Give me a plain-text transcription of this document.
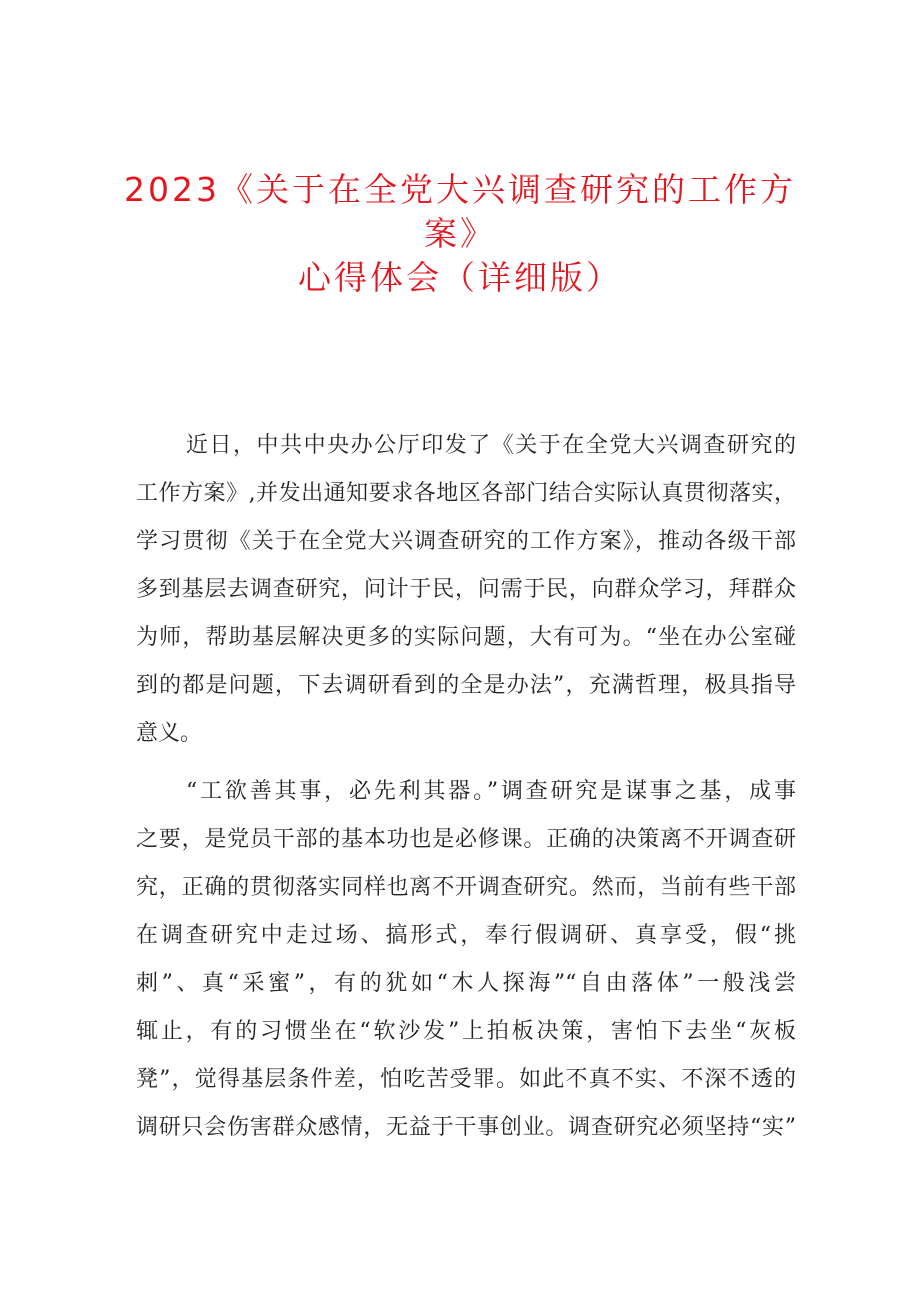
2023《关于在全党大兴调查研究的工作方
案》
心得体会（详细版）
近日，中共中央办公厅印发了《关于在全党大兴调查研究的
工作方案》,并发出通知要求各地区各部门结合实际认真贯彻落实，
学习贯彻《关于在全党大兴调查研究的工作方案》，推动各级干部
多到基层去调查研究，问计于民，问需于民，向群众学习，拜群众
为师，帮助基层解决更多的实际问题，大有可为。“坐在办公室碰
到的都是问题，下去调研看到的全是办法”，充满哲理，极具指导
意义。
“工欲善其事，必先利其器。”调查研究是谋事之基，成事
之要，是党员干部的基本功也是必修课。正确的决策离不开调查研
究，正确的贯彻落实同样也离不开调查研究。然而，当前有些干部
在调查研究中走过场、搞形式，奉行假调研、真享受，假“挑
刺”、真“采蜜”，有的犹如“木人探海”“自由落体”一般浅尝
辄止，有的习惯坐在“软沙发”上拍板决策，害怕下去坐“灰板
凳”，觉得基层条件差，怕吃苦受罪。如此不真不实、不深不透的
调研只会伤害群众感情，无益于干事创业。调查研究必须坚持“实”
